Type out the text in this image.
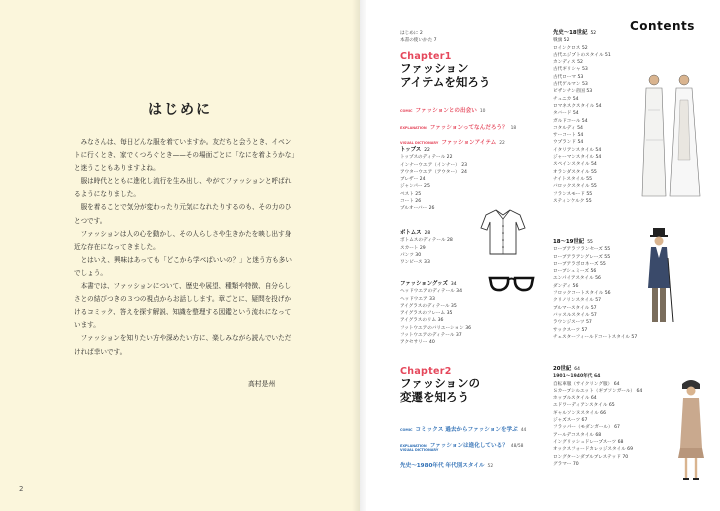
はじめに

みなさんは、毎日どんな服を着ていますか。友だちと会うとき、イベントに行くとき、家でくつろぐとき——その場面ごとに「なにを着ようかな」と迷うこともありますよね。

服は時代とともに進化し流行を生み出し、やがてファッションと呼ばれるようになりました。

服を着ることで気分が変わったり元気になれたりするのも、その力のひとつです。

ファッションは人の心を動かし、その人らしさや生きかたを映し出す身近な存在になってきました。

とはいえ、興味はあっても「どこから学べばいいの？」と迷う方も多いでしょう。

本書では、ファッションについて、歴史や展望、種類や特徴、自分らしさとの結びつきの３つの視点からお話しします。章ごとに、疑問を投げかけるコミック、答えを探す解説、知識を整理する図鑑という流れになっています。

ファッションを知りたい方や深めたい方に、楽しみながら読んでいただければ幸いです。

高村是州
2
Contents
はじめに 2
本書の使いかた 7
Chapter1
ファッション
アイテムを知ろう
COMIC ファッションとの出会い 10
EXPLANATION ファッションってなんだろう？ 18
VISUAL DICTIONARY ファッションアイテム 22
トップス 22
トップスのディテール 22
インナーウエア（インナー） 23
アウターウエア（アウター） 24
ブレザー 24
ジャンパー 25
ベスト 25
コート 26
プルオーバー 26
ボトムス 28
ボトムスのディテール 28
スカート 29
パンツ 30
ワンピース 33
ファッショングッズ 34
ヘッドウエアのディテール 34
ヘッドウエア 33
アイグラスのディテール 35
アイグラスのフレーム 35
アイグラスのリム 36
フットウエアのバリエーション 36
フットウエアのディテール 37
アクセサリー 40
Chapter2
ファッションの
変遷を知ろう
COMIC コミックス 過去からファッションを学ぶ 44
EXPLANATION ファッションは進化している？ 48/58
VISUAL DICTIONARY
先史～1980年代 年代別スタイル 52
先史～18世紀 52
戦旗 52
ロインクロス 52
古代エジプトのスタイル 51
カンディス 52
古代ギリシャ 53
古代ローマ 53
古代ゲルマン 53
ビザンチン帝国 53
チュニカ 54
ロマネスクスタイル 54
タバード 54
ガルドコール 54
コタルディ 54
サーコート 54
ウプランド 54
イタリアンスタイル 54
ジャーマンスタイル 54
スペインスタイル 54
オランダスタイル 55
ナイトスタイル 55
バロックスタイル 55
フランスモード 55
スティンケルク 55
18～19世紀 55
ローブアラフランセーズ 55
ローブアラアングレーズ 55
ローブアラポロネーズ 55
ローブシュミーズ 56
エンパイアスタイル 56
ダンディ 56
フロックコートスタイル 56
クリノリンスタイル 57
ブルマースタイル 57
バッスルスタイル 57
ラウンジスーツ 57
サックスーツ 57
チェスターフィールドコートスタイル 57
20世紀 64
1901～1940年代 64
自転車服（サイクリング服） 64
Ｓカーブシルエット（ギブソンガール） 64
ホッブルスタイル 64
エドワーディアンスタイル 65
ギャルソンヌスタイル 66
ジャズスーツ 67
フラッパー（モダンガール） 67
アールデコスタイル 68
イングリッシュドレープスーツ 68
オックスフォードカレッジスタイル 69
ロングターンダブルブレステッド 70
グラマー 70
